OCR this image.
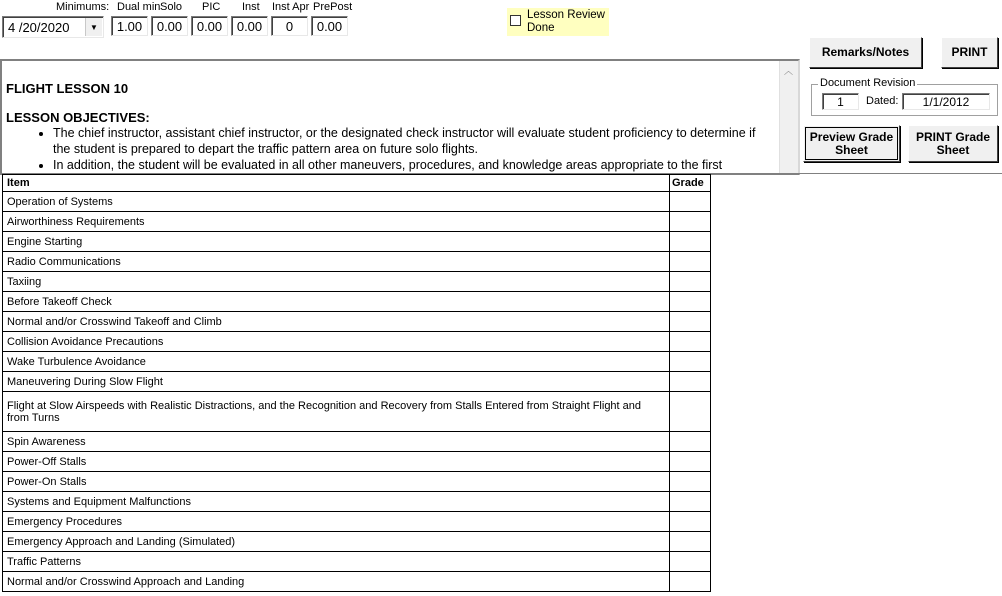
Minimums: Dual min Solo PIC Inst Inst Apr PrePost
4 /20/2020	▼	1.00	0.00	0.00	0.00	0	0.00
Lesson Review
Done
Remarks/Notes	PRINT
Document Revision
1	Dated:	1/1/2012
Preview Grade
Sheet
PRINT Grade
Sheet
FLIGHT LESSON 10
LESSON OBJECTIVES:
• The chief instructor, assistant chief instructor, or the designated check instructor will evaluate student proficiency to determine if the student is prepared to depart the traffic pattern area on future solo flights.
• In addition, the student will be evaluated in all other maneuvers, procedures, and knowledge areas appropriate to the first
︿
Item	Grade
Operation of Systems	
Airworthiness Requirements	
Engine Starting	
Radio Communications	
Taxiing	
Before Takeoff Check	
Normal and/or Crosswind Takeoff and Climb	
Collision Avoidance Precautions	
Wake Turbulence Avoidance	
Maneuvering During Slow Flight	
Flight at Slow Airspeeds with Realistic Distractions, and the Recognition and Recovery from Stalls Entered from Straight Flight and from Turns	
Spin Awareness	
Power-Off Stalls	
Power-On Stalls	
Systems and Equipment Malfunctions	
Emergency Procedures	
Emergency Approach and Landing (Simulated)	
Traffic Patterns	
Normal and/or Crosswind Approach and Landing	
